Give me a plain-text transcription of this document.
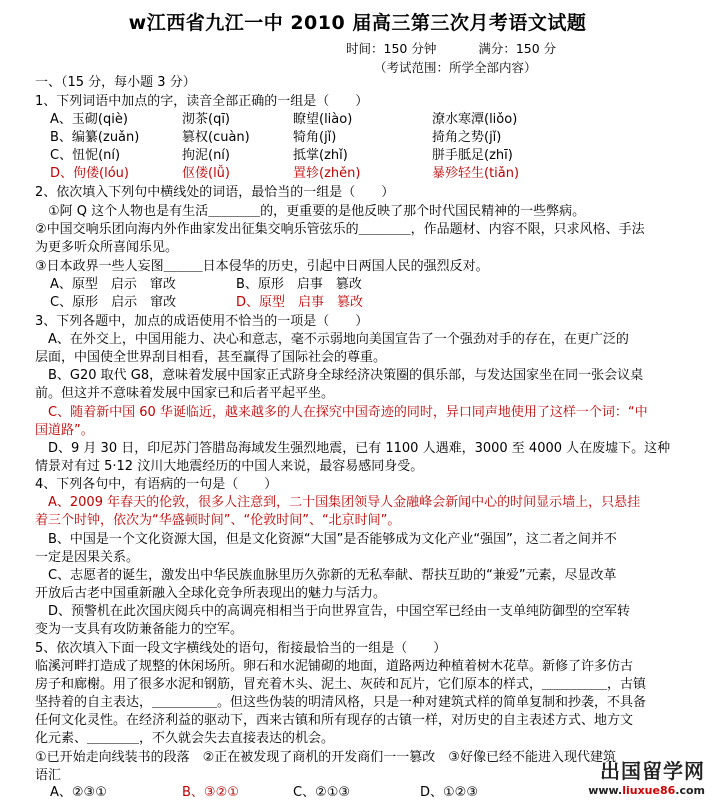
w江西省九江一中 2010 届高三第三次月考语文试题
时间：150 分钟	满分：150 分
（考试范围：所学全部内容）
一、（15 分，每小题 3 分）
1、下列词语中加点的字，读音全部正确的一组是（　　）
A、玉砌(qiè)	沏茶(qī)	瞭望(liào)	潦水寒潭(liǒo)
B、编纂(zuǎn)	篡权(cuàn)	犄角(jǐ)	掎角之势(jǐ)
C、忸怩(ní)	拘泥(ní)	抵掌(zhǐ)	胼手胝足(zhī)
D、佝偻(lóu)	伛偻(lǚ)	置轸(zhěn)	暴殄轻生(tiǎn)
2、依次填入下列句中横线处的词语，最恰当的一组是（　　）
　①阿 Q 这个人物也是有生活＿＿＿＿的，更重要的是他反映了那个时代国民精神的一些弊病。
②中国交响乐团向海内外作曲家发出征集交响乐管弦乐的＿＿＿＿，作品题材、内容不限，只求风格、手法
为更多听众所喜闻乐见。
③日本政界一些人妄图＿＿＿日本侵华的历史，引起中日两国人民的强烈反对。
A、原型　启示　窜改	B、原形　启事　篡改
C、原形　启示　窜改	D、原型　启事　篡改
3、下列各题中，加点的成语使用不恰当的一项是（　　）
　A、在外交上，中国用能力、决心和意志，毫不示弱地向美国宣告了一个强劲对手的存在，在更广泛的
层面，中国使全世界刮目相看，甚至赢得了国际社会的尊重。
　B、G20 取代 G8，意味着发展中国家正式跻身全球经济决策圈的俱乐部，与发达国家坐在同一张会议桌
前。但这并不意味着发展中国家已和后者平起平坐。
　C、随着新中国 60 华诞临近，越来越多的人在探究中国奇迹的同时，异口同声地使用了这样一个词：“中
国道路”。
　D、9 月 30 日，印尼苏门答腊岛海域发生强烈地震，已有 1100 人遇难，3000 至 4000 人在废墟下。这种
情景对有过 5·12 汶川大地震经历的中国人来说，最容易感同身受。
4、下列各句中，有语病的一句是（　　）
　A、2009 年春天的伦敦，很多人注意到，二十国集团领导人金融峰会新闻中心的时间显示墙上，只悬挂
着三个时钟，依次为“华盛顿时间”、“伦敦时间”、“北京时间”。
　B、中国是一个文化资源大国，但是文化资源“大国”是否能够成为文化产业“强国”，这二者之间并不
一定是因果关系。
　C、志愿者的诞生，激发出中华民族血脉里历久弥新的无私奉献、帮扶互助的“兼爱”元素，尽显改革
开放后古老中国重新融入全球化竞争所表现出的魅力与活力。
　D、预警机在此次国庆阅兵中的高调亮相相当于向世界宣告，中国空军已经由一支单纯防御型的空军转
变为一支具有攻防兼备能力的空军。
5、依次填入下面一段文字横线处的语句，衔接最恰当的一组是（　　）
临溪河畔打造成了规整的休闲场所。卵石和水泥铺砌的地面，道路两边种植着树木花草。新修了许多仿古
房子和廊榭。用了很多水泥和钢筋，冒充着木头、泥土、灰砖和瓦片，它们原本的样式，＿＿＿＿＿，古镇
坚持着的自主表达，＿＿＿＿＿。但这些伪装的明清风格，只是一种对建筑式样的简单复制和抄袭，不具备
任何文化灵性。在经济利益的驱动下，西来古镇和所有现存的古镇一样，对历史的自主表述方式、地方文
化元素、＿＿＿＿，不久就会失去直接表达的机会。
①已开始走向线装书的段落　②正在被发现了商机的开发商们一一篡改　③好像已经不能进入现代建筑
语汇
A、②③①	B、③②①	C、②①③	D、①②③
出国留学网
www.liuxue86.com
